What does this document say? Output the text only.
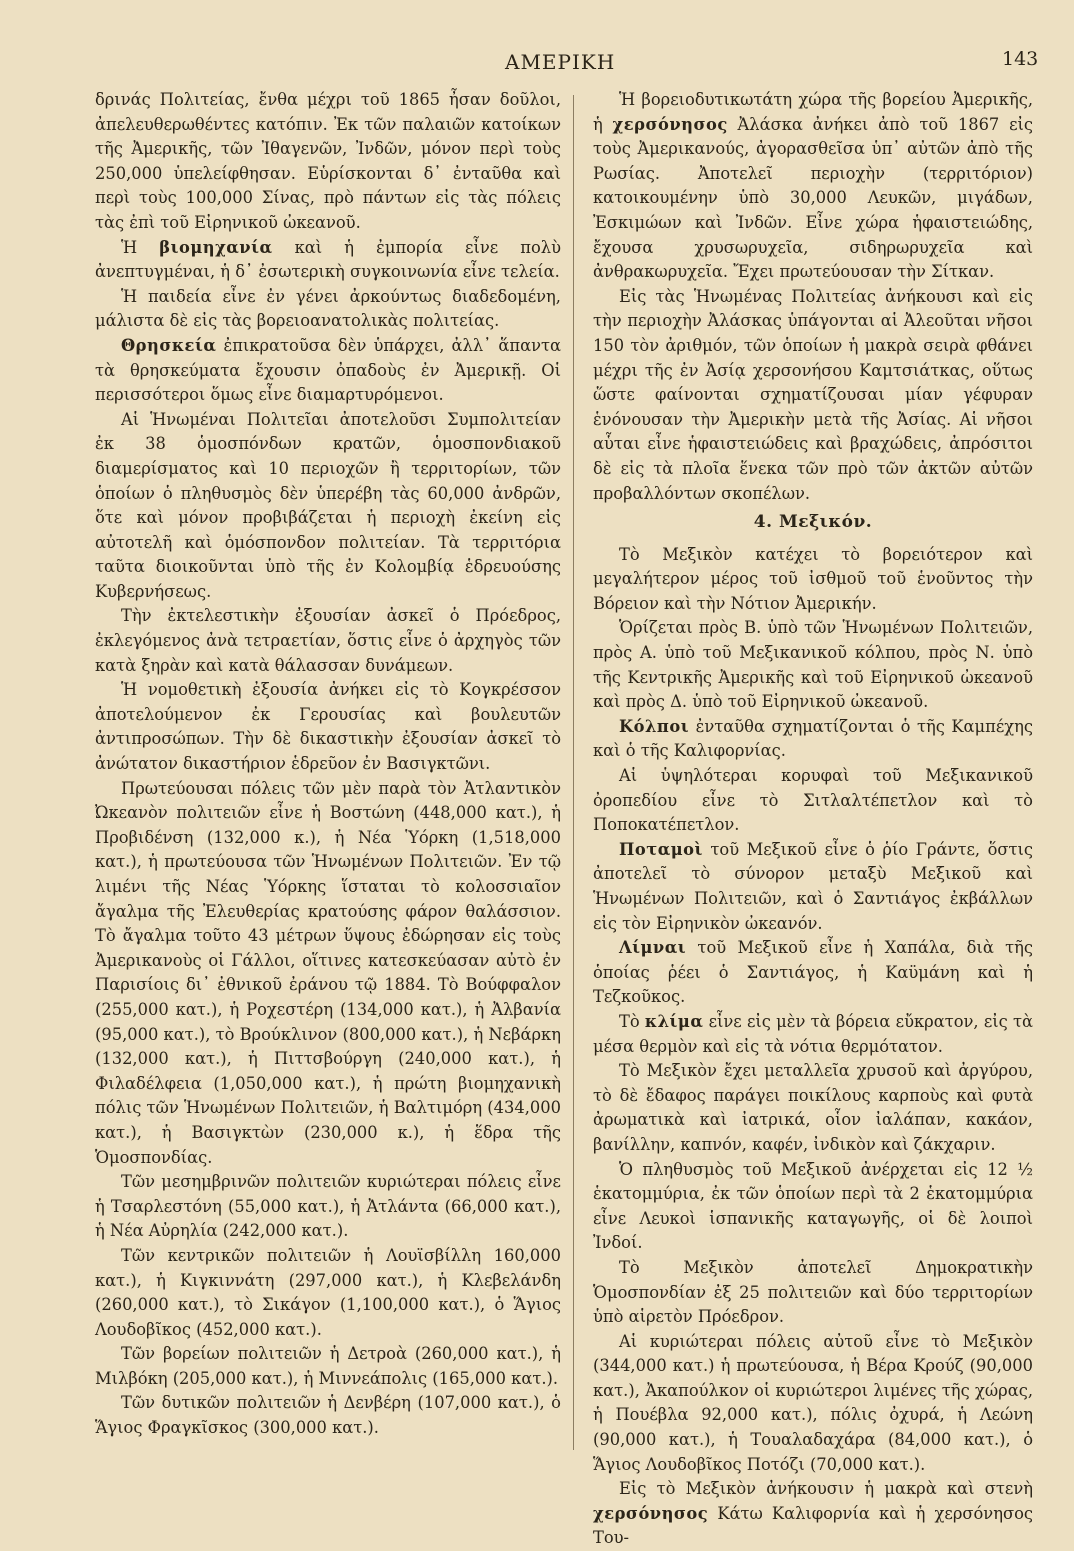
ΑΜΕΡΙΚΗ	143

δρινάς Πολιτείας, ἔνθα μέχρι τοῦ 1865 ἦσαν δοῦλοι, ἀπελευθερωθέντες κατόπιν. Ἐκ τῶν παλαιῶν κατοίκων τῆς Ἀμερικῆς, τῶν Ἰθαγενῶν, Ἰνδῶν, μόνον περὶ τοὺς 250,000 ὑπελείφθησαν. Εὑρίσκονται δ᾽ ἐνταῦθα καὶ περὶ τοὺς 100,000 Σίνας, πρὸ πάντων εἰς τὰς πόλεις τὰς ἐπὶ τοῦ Εἰρηνικοῦ ὠκεανοῦ.

Ἡ βιομηχανία καὶ ἡ ἐμπορία εἶνε πολὺ ἀνεπτυγμέναι, ἡ δ᾽ ἐσωτερικὴ συγκοινωνία εἶνε τελεία.

Ἡ παιδεία εἶνε ἐν γένει ἀρκούντως διαδεδομένη, μάλιστα δὲ εἰς τὰς βορειοανατολικὰς πολιτείας.

Θρησκεία ἐπικρατοῦσα δὲν ὑπάρχει, ἀλλ᾽ ἅπαντα τὰ θρησκεύματα ἔχουσιν ὀπαδοὺς ἐν Ἀμερικῇ. Οἱ περισσότεροι ὅμως εἶνε διαμαρτυρόμενοι.

Αἱ Ἡνωμέναι Πολιτεῖαι ἀποτελοῦσι Συμπολιτείαν ἐκ 38 ὁμοσπόνδων κρατῶν, ὁμοσπονδιακοῦ διαμερίσματος καὶ 10 περιοχῶν ἢ τερριτορίων, τῶν ὁποίων ὁ πληθυσμὸς δὲν ὑπερέβη τὰς 60,000 ἀνδρῶν, ὅτε καὶ μόνον προβιβάζεται ἡ περιοχὴ ἐκείνη εἰς αὐτοτελῆ καὶ ὁμόσπονδον πολιτείαν. Τὰ τερριτόρια ταῦτα διοικοῦνται ὑπὸ τῆς ἐν Κολομβίᾳ ἑδρευούσης Κυβερνήσεως.

Τὴν ἐκτελεστικὴν ἐξουσίαν ἀσκεῖ ὁ Πρόεδρος, ἐκλεγόμενος ἀνὰ τετραετίαν, ὅστις εἶνε ὁ ἀρχηγὸς τῶν κατὰ ξηρὰν καὶ κατὰ θάλασσαν δυνάμεων.

Ἡ νομοθετικὴ ἐξουσία ἀνήκει εἰς τὸ Κογκρέσσον ἀποτελούμενον ἐκ Γερουσίας καὶ βουλευτῶν ἀντιπροσώπων. Τὴν δὲ δικαστικὴν ἐξουσίαν ἀσκεῖ τὸ ἀνώτατον δικαστήριον ἑδρεῦον ἐν Βασιγκτῶνι.

Πρωτεύουσαι πόλεις τῶν μὲν παρὰ τὸν Ἀτλαντικὸν Ὠκεανὸν πολιτειῶν εἶνε ἡ Βοστώνη (448,000 κατ.), ἡ Προβιδένση (132,000 κ.), ἡ Νέα Ὑόρκη (1,518,000 κατ.), ἡ πρωτεύουσα τῶν Ἡνωμένων Πολιτειῶν. Ἐν τῷ λιμένι τῆς Νέας Ὑόρκης ἵσταται τὸ κολοσσιαῖον ἄγαλμα τῆς Ἐλευθερίας κρατούσης φάρον θαλάσσιον. Τὸ ἄγαλμα τοῦτο 43 μέτρων ὕψους ἐδώρησαν εἰς τοὺς Ἀμερικανοὺς οἱ Γάλλοι, οἵτινες κατεσκεύασαν αὐτὸ ἐν Παρισίοις δι᾽ ἐθνικοῦ ἐράνου τῷ 1884. Τὸ Βούφφαλον (255,000 κατ.), ἡ Ροχεστέρη (134,000 κατ.), ἡ Ἀλβανία (95,000 κατ.), τὸ Βρούκλινον (800,000 κατ.), ἡ Νεβάρκη (132,000 κατ.), ἡ Πιττσβούργη (240,000 κατ.), ἡ Φιλαδέλφεια (1,050,000 κατ.), ἡ πρώτη βιομηχανικὴ πόλις τῶν Ἡνωμένων Πολιτειῶν, ἡ Βαλτιμόρη (434,000 κατ.), ἡ Βασιγκτὼν (230,000 κ.), ἡ ἕδρα τῆς Ὁμοσπονδίας.

Τῶν μεσημβρινῶν πολιτειῶν κυριώτεραι πόλεις εἶνε ἡ Τσαρλεστόνη (55,000 κατ.), ἡ Ἀτλάντα (66,000 κατ.), ἡ Νέα Αὐρηλία (242,000 κατ.).

Τῶν κεντρικῶν πολιτειῶν ἡ Λουϊσβίλλη 160,000 κατ.), ἡ Κιγκιννάτη (297,000 κατ.), ἡ Κλεβελάνδη (260,000 κατ.), τὸ Σικάγον (1,100,000 κατ.), ὁ Ἅγιος Λουδοβῖκος (452,000 κατ.).

Τῶν βορείων πολιτειῶν ἡ Δετροὰ (260,000 κατ.), ἡ Μιλβόκη (205,000 κατ.), ἡ Μιννεάπολις (165,000 κατ.).

Τῶν δυτικῶν πολιτειῶν ἡ Δενβέρη (107,000 κατ.), ὁ Ἅγιος Φραγκῖσκος (300,000 κατ.).

Ἡ βορειοδυτικωτάτη χώρα τῆς βορείου Ἀμερικῆς, ἡ χερσόνησος Ἀλάσκα ἀνήκει ἀπὸ τοῦ 1867 εἰς τοὺς Ἀμερικανούς, ἀγορασθεῖσα ὑπ᾽ αὐτῶν ἀπὸ τῆς Ρωσίας. Ἀποτελεῖ περιοχὴν (τερριτόριον) κατοικουμένην ὑπὸ 30,000 Λευκῶν, μιγάδων, Ἐσκιμώων καὶ Ἰνδῶν. Εἶνε χώρα ἡφαιστειώδης, ἔχουσα χρυσωρυχεῖα, σιδηρωρυχεῖα καὶ ἀνθρακωρυχεῖα. Ἔχει πρωτεύουσαν τὴν Σίτκαν.

Εἰς τὰς Ἡνωμένας Πολιτείας ἀνήκουσι καὶ εἰς τὴν περιοχὴν Ἀλάσκας ὑπάγονται αἱ Ἀλεοῦται νῆσοι 150 τὸν ἀριθμόν, τῶν ὁποίων ἡ μακρὰ σειρὰ φθάνει μέχρι τῆς ἐν Ἀσίᾳ χερσονήσου Καμτσιάτκας, οὕτως ὥστε φαίνονται σχηματίζουσαι μίαν γέφυραν ἑνόνουσαν τὴν Ἀμερικὴν μετὰ τῆς Ἀσίας. Αἱ νῆσοι αὗται εἶνε ἡφαιστειώδεις καὶ βραχώδεις, ἀπρόσιτοι δὲ εἰς τὰ πλοῖα ἕνεκα τῶν πρὸ τῶν ἀκτῶν αὐτῶν προβαλλόντων σκοπέλων.

4. Μεξικόν.

Τὸ Μεξικὸν κατέχει τὸ βορειότερον καὶ μεγαλήτερον μέρος τοῦ ἰσθμοῦ τοῦ ἑνοῦντος τὴν Βόρειον καὶ τὴν Νότιον Ἀμερικήν.

Ὁρίζεται πρὸς Β. ὑπὸ τῶν Ἡνωμένων Πολιτειῶν, πρὸς Α. ὑπὸ τοῦ Μεξικανικοῦ κόλπου, πρὸς Ν. ὑπὸ τῆς Κεντρικῆς Ἀμερικῆς καὶ τοῦ Εἰρηνικοῦ ὠκεανοῦ καὶ πρὸς Δ. ὑπὸ τοῦ Εἰρηνικοῦ ὠκεανοῦ.

Κόλποι ἐνταῦθα σχηματίζονται ὁ τῆς Καμπέχης καὶ ὁ τῆς Καλιφορνίας.

Αἱ ὑψηλότεραι κορυφαὶ τοῦ Μεξικανικοῦ ὀροπεδίου εἶνε τὸ Σιτλαλτέπετλον καὶ τὸ Ποποκατέπετλον.

Ποταμοὶ τοῦ Μεξικοῦ εἶνε ὁ ῥίο Γράντε, ὅστις ἀποτελεῖ τὸ σύνορον μεταξὺ Μεξικοῦ καὶ Ἡνωμένων Πολιτειῶν, καὶ ὁ Σαντιάγος ἐκβάλλων εἰς τὸν Εἰρηνικὸν ὠκεανόν.

Λίμναι τοῦ Μεξικοῦ εἶνε ἡ Χαπάλα, διὰ τῆς ὁποίας ῥέει ὁ Σαντιάγος, ἡ Καϋμάνη καὶ ἡ Τεζκοῦκος.

Τὸ κλίμα εἶνε εἰς μὲν τὰ βόρεια εὔκρατον, εἰς τὰ μέσα θερμὸν καὶ εἰς τὰ νότια θερμότατον.

Τὸ Μεξικὸν ἔχει μεταλλεῖα χρυσοῦ καὶ ἀργύρου, τὸ δὲ ἔδαφος παράγει ποικίλους καρποὺς καὶ φυτὰ ἀρωματικὰ καὶ ἰατρικά, οἷον ἰαλάπαν, κακάον, βανίλλην, καπνόν, καφέν, ἰνδικὸν καὶ ζάκχαριν.

Ὁ πληθυσμὸς τοῦ Μεξικοῦ ἀνέρχεται εἰς 12 ½ ἑκατομμύρια, ἐκ τῶν ὁποίων περὶ τὰ 2 ἑκατομμύρια εἶνε Λευκοὶ ἱσπανικῆς καταγωγῆς, οἱ δὲ λοιποὶ Ἰνδοί.

Τὸ Μεξικὸν ἀποτελεῖ Δημοκρατικὴν Ὁμοσπονδίαν ἐξ 25 πολιτειῶν καὶ δύο τερριτορίων ὑπὸ αἱρετὸν Πρόεδρον.

Αἱ κυριώτεραι πόλεις αὐτοῦ εἶνε τὸ Μεξικὸν (344,000 κατ.) ἡ πρωτεύουσα, ἡ Βέρα Κρούζ (90,000 κατ.), Ἀκαπούλκον οἱ κυριώτεροι λιμένες τῆς χώρας, ἡ Πουέβλα 92,000 κατ.), πόλις ὀχυρά, ἡ Λεώνη (90,000 κατ.), ἡ Τουαλαδαχάρα (84,000 κατ.), ὁ Ἅγιος Λουδοβῖκος Ποτόζι (70,000 κατ.).

Εἰς τὸ Μεξικὸν ἀνήκουσιν ἡ μακρὰ καὶ στενὴ χερσόνησος Κάτω Καλιφορνία καὶ ἡ χερσόνησος Του-
